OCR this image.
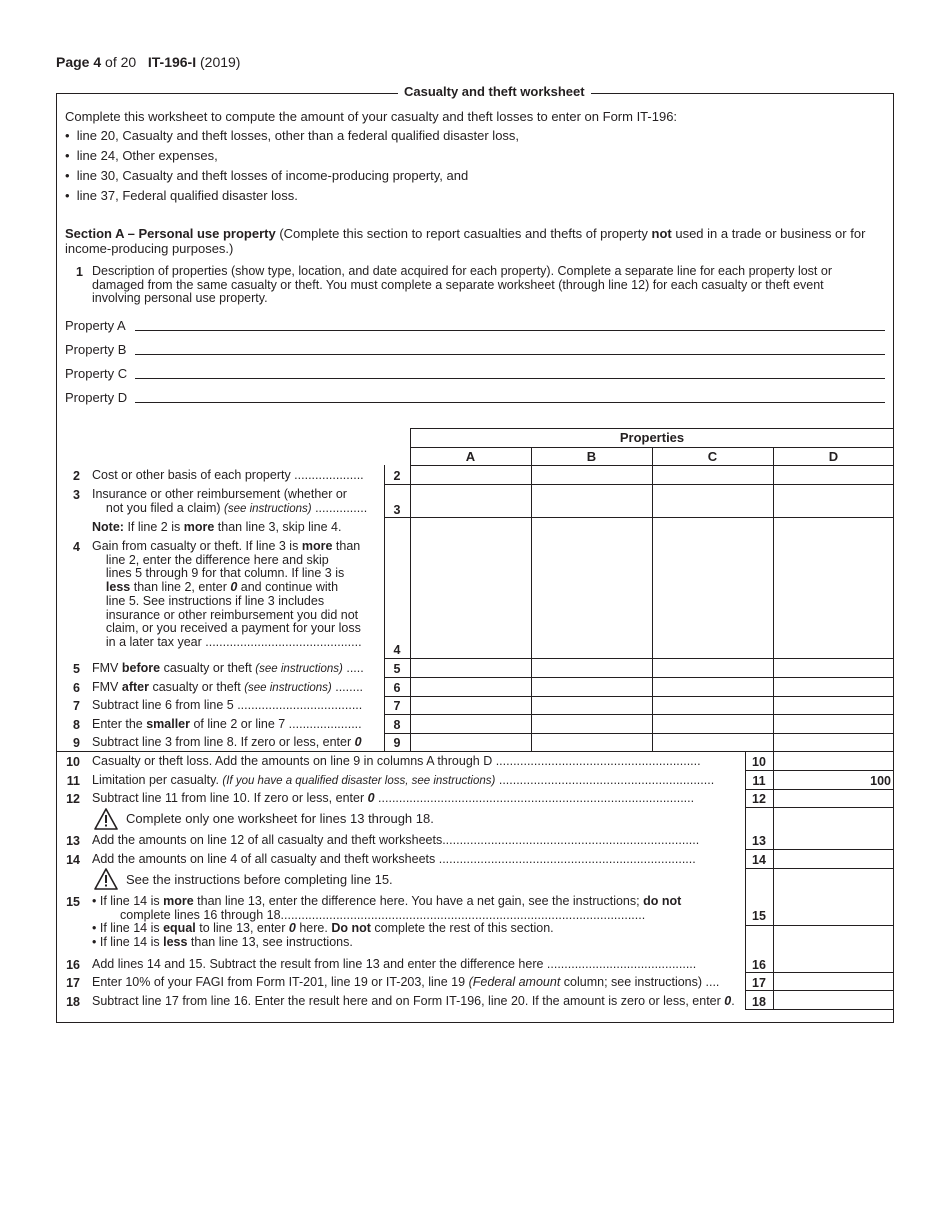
Page 4 of 20 IT-196-I (2019)
Casualty and theft worksheet
Complete this worksheet to compute the amount of your casualty and theft losses to enter on Form IT-196:
•  line 20, Casualty and theft losses, other than a federal qualified disaster loss,
•  line 24, Other expenses,
•  line 30, Casualty and theft losses of income-producing property, and
•  line 37, Federal qualified disaster loss.
Section A – Personal use property (Complete this section to report casualties and thefts of property not used in a trade or business or for
income-producing purposes.)
1 Description of properties (show type, location, and date acquired for each property). Complete a separate line for each property lost or
damaged from the same casualty or theft. You must complete a separate worksheet (through line 12) for each casualty or theft event
involving personal use property.
Property A
Property B
Property C
Property D
Properties
A	B	C	D
2 Cost or other basis of each property ....................	2
3 Insurance or other reimbursement (whether or
not you filed a claim) (see instructions) ...............	3
Note: If line 2 is more than line 3, skip line 4.
4 Gain from casualty or theft. If line 3 is more than
line 2, enter the difference here and skip
lines 5 through 9 for that column. If line 3 is
less than line 2, enter 0 and continue with
line 5. See instructions if line 3 includes
insurance or other reimbursement you did not
claim, or you received a payment for your loss
in a later tax year .............................................
4
5 FMV before casualty or theft (see instructions) .....	5
6 FMV after casualty or theft (see instructions) ........	6
7 Subtract line 6 from line 5 ....................................	7
8 Enter the smaller of line 2 or line 7 .....................	8
9 Subtract line 3 from line 8. If zero or less, enter 0	9
10 Casualty or theft loss. Add the amounts on line 9 in columns A through D ...........................................................	10
11 Limitation per casualty. (If you have a qualified disaster loss, see instructions) ..............................................................	11	100
12 Subtract line 11 from line 10. If zero or less, enter 0 ...........................................................................................	12
Complete only one worksheet for lines 13 through 18.
13 Add the amounts on line 12 of all casualty and theft worksheets..........................................................................	13
14 Add the amounts on line 4 of all casualty and theft worksheets ..........................................................................	14
See the instructions before completing line 15.
15 • If line 14 is more than line 13, enter the difference here. You have a net gain, see the instructions; do not

complete lines 16 through 18.........................................................................................................
• If line 14 is equal to line 13, enter 0 here. Do not complete the rest of this section.
• If line 14 is less than line 13, see instructions.
15
16 Add lines 14 and 15. Subtract the result from line 13 and enter the difference here ...........................................	16
17 Enter 10% of your FAGI from Form IT-201, line 19 or IT-203, line 19 (Federal amount column; see instructions) ....	17
18 Subtract line 17 from line 16. Enter the result here and on Form IT-196, line 20. If the amount is zero or less, enter 0.	18
